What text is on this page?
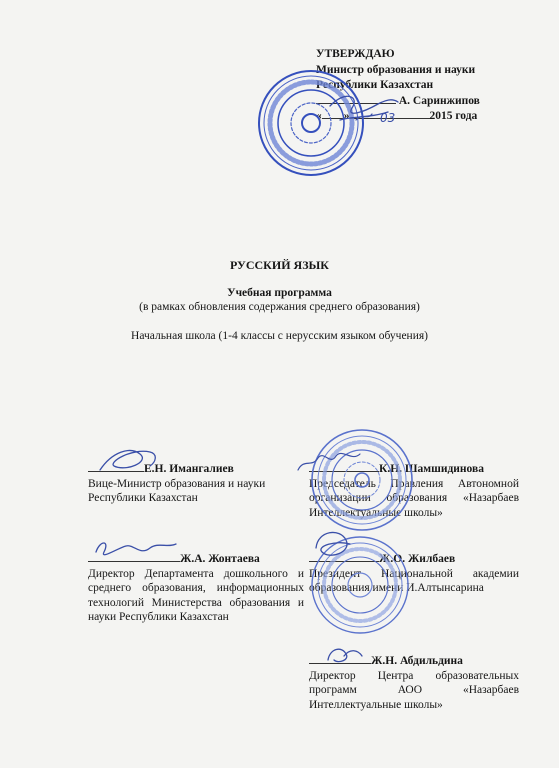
УТВЕРЖДАЮ
Министр образования и науки
Республики Казахстан
А. Саринжипов
« »	2015 года
РУССКИЙ ЯЗЫК
Учебная программа
(в рамках обновления содержания среднего образования)
Начальная школа (1-4 классы с нерусским языком обучения)
Е.Н. Имангалиев
Вице-Министр образования и науки Республики Казахстан
Ж.А. Жонтаева
Директор Департамента дошкольного и среднего образования, информационных технологий Министерства образования и науки Республики Казахстан
К.Н. Шамшидинова
Председатель Правления Автономной организации образования «Назарбаев Интеллектуальные школы»
Ж.О. Жилбаев
Президент Национальной академии образования имени И.Алтынсарина
Ж.Н. Абдильдина
Директор Центра образовательных программ АОО «Назарбаев Интеллектуальные школы»
03
